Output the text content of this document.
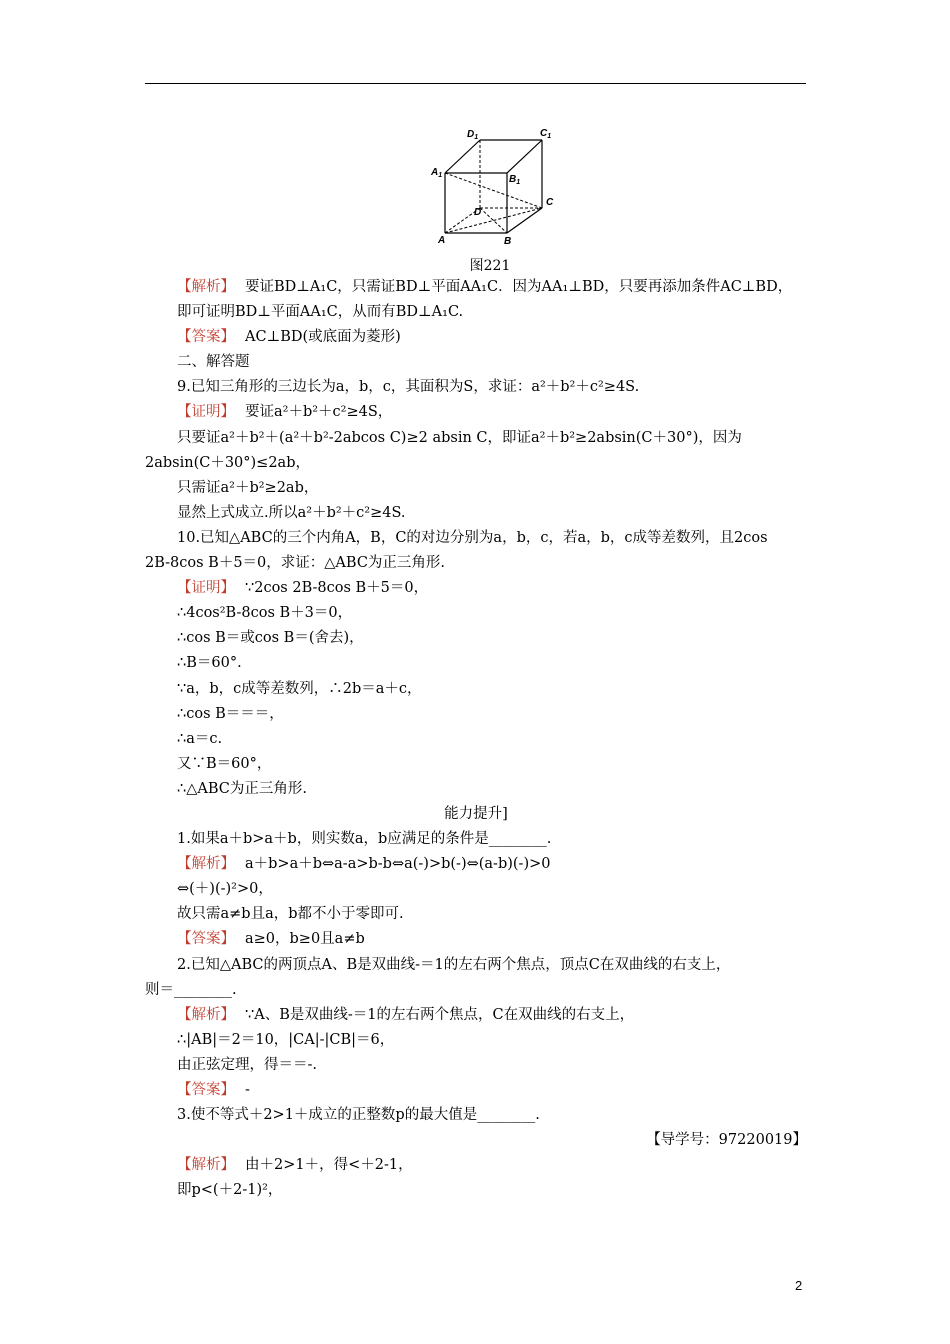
$D_1$	$C_1$
$A_1$	$B_1$
D
C
A	B
图221
【解析】 要证BD⊥A₁C，只需证BD⊥平面AA₁C．因为AA₁⊥BD，只要再添加条件AC⊥BD，
即可证明BD⊥平面AA₁C，从而有BD⊥A₁C.
【答案】 AC⊥BD(或底面为菱形)
二、解答题
9.已知三角形的三边长为a，b，c，其面积为S，求证：a²＋b²＋c²≥4S.
【证明】 要证a²＋b²＋c²≥4S，
只要证a²＋b²＋(a²＋b²-2abcos C)≥2 absin C，即证a²＋b²≥2absin(C＋30°)，因为
2absin(C＋30°)≤2ab，
只需证a²＋b²≥2ab，
显然上式成立.所以a²＋b²＋c²≥4S.
10.已知△ABC的三个内角A，B，C的对边分别为a，b，c，若a，b，c成等差数列，且2cos
2B-8cos B＋5＝0，求证：△ABC为正三角形.
【证明】 ∵2cos 2B-8cos B＋5＝0，
∴4cos²B-8cos B＋3＝0，
∴cos B＝或cos B＝(舍去)，
∴B＝60°.
∵a，b，c成等差数列，∴2b＝a＋c，
∴cos B＝＝＝，
∴a＝c.
又∵B＝60°，
∴△ABC为正三角形.
能力提升]
1.如果a＋b>a＋b，则实数a，b应满足的条件是________.
【解析】 a＋b>a＋b⇔a-a>b-b⇔a(-)>b(-)⇔(a-b)(-)>0
⇔(＋)(-)²>0，
故只需a≠b且a，b都不小于零即可.
【答案】 a≥0，b≥0且a≠b
2.已知△ABC的两顶点A、B是双曲线-＝1的左右两个焦点，顶点C在双曲线的右支上，
则＝________.
【解析】 ∵A、B是双曲线-＝1的左右两个焦点，C在双曲线的右支上，
∴|AB|＝2＝10，|CA|-|CB|＝6，
由正弦定理，得＝＝-.
【答案】 -
3.使不等式＋2>1＋成立的正整数p的最大值是________.
【导学号：97220019】
【解析】 由＋2>1＋，得<＋2-1，
即p<(＋2-1)²，
2
